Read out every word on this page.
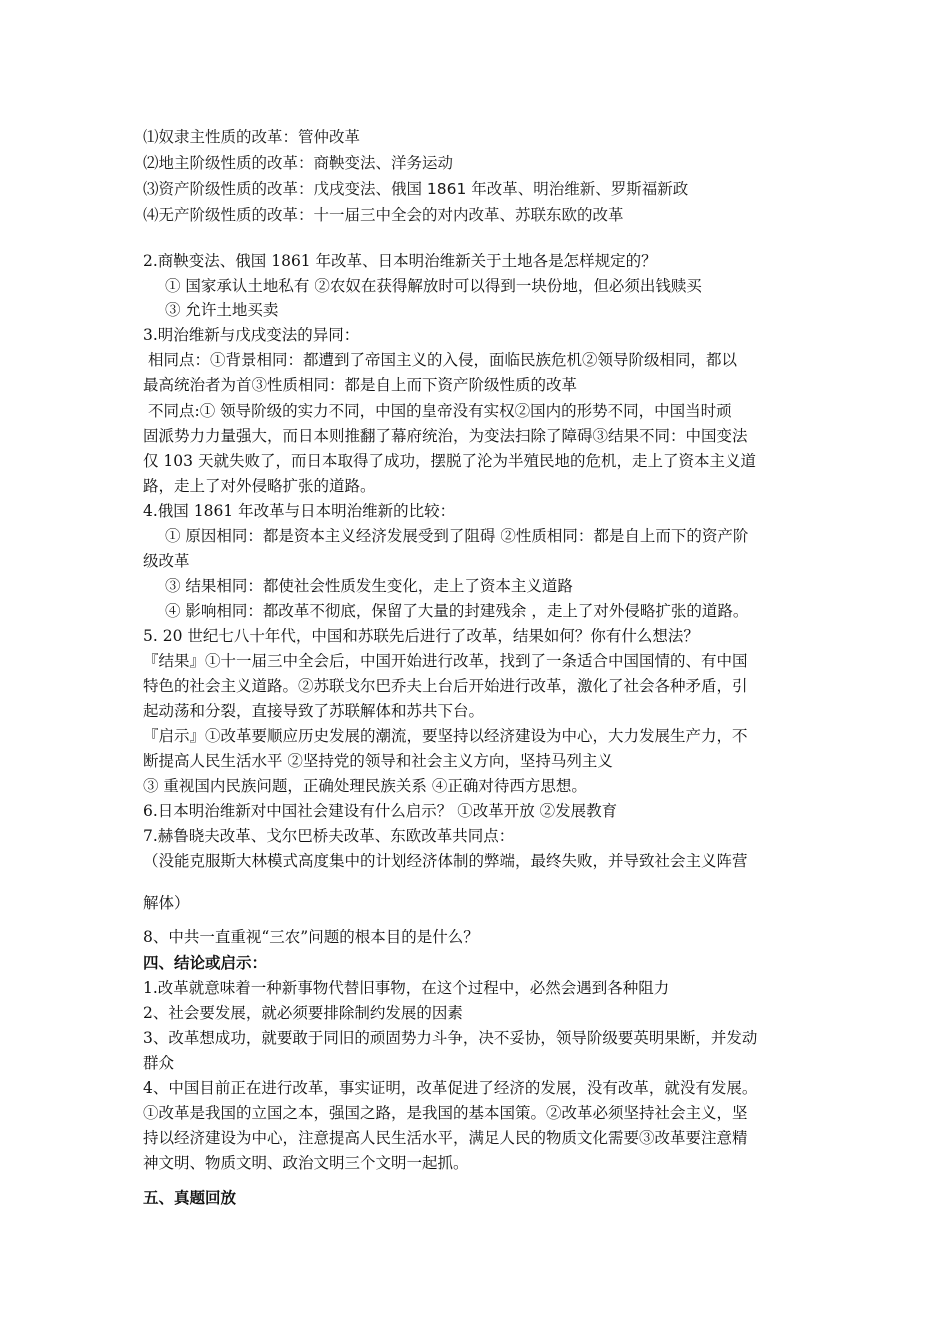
⑴奴隶主性质的改革：管仲改革
⑵地主阶级性质的改革：商鞅变法、洋务运动
⑶资产阶级性质的改革：戊戌变法、俄国 1861 年改革、明治维新、罗斯福新政
⑷无产阶级性质的改革：十一届三中全会的对内改革、苏联东欧的改革
2.商鞅变法、俄国 1861 年改革、日本明治维新关于土地各是怎样规定的？
① 国家承认土地私有 ②农奴在获得解放时可以得到一块份地，但必须出钱赎买
③ 允许土地买卖
3.明治维新与戊戌变法的异同：
相同点：①背景相同：都遭到了帝国主义的入侵，面临民族危机②领导阶级相同，都以
最高统治者为首③性质相同：都是自上而下资产阶级性质的改革
不同点:① 领导阶级的实力不同，中国的皇帝没有实权②国内的形势不同，中国当时顽
固派势力力量强大，而日本则推翻了幕府统治，为变法扫除了障碍③结果不同：中国变法
仅 103 天就失败了，而日本取得了成功，摆脱了沦为半殖民地的危机，走上了资本主义道
路，走上了对外侵略扩张的道路。
4.俄国 1861 年改革与日本明治维新的比较：
① 原因相同：都是资本主义经济发展受到了阻碍 ②性质相同：都是自上而下的资产阶
级改革
③ 结果相同：都使社会性质发生变化，走上了资本主义道路
④ 影响相同：都改革不彻底，保留了大量的封建残余 ，走上了对外侵略扩张的道路。
5. 20 世纪七八十年代，中国和苏联先后进行了改革，结果如何？你有什么想法？
『结果』①十一届三中全会后，中国开始进行改革，找到了一条适合中国国情的、有中国
特色的社会主义道路。②苏联戈尔巴乔夫上台后开始进行改革，激化了社会各种矛盾，引
起动荡和分裂，直接导致了苏联解体和苏共下台。
『启示』①改革要顺应历史发展的潮流，要坚持以经济建设为中心，大力发展生产力，不
断提高人民生活水平 ②坚持党的领导和社会主义方向，坚持马列主义
③ 重视国内民族问题，正确处理民族关系 ④正确对待西方思想。
6.日本明治维新对中国社会建设有什么启示？ ①改革开放 ②发展教育
7.赫鲁晓夫改革、戈尔巴桥夫改革、东欧改革共同点：
（没能克服斯大林模式高度集中的计划经济体制的弊端，最终失败，并导致社会主义阵营
解体）
8、中共一直重视“三农”问题的根本目的是什么？
四、结论或启示：
1.改革就意味着一种新事物代替旧事物，在这个过程中，必然会遇到各种阻力
2、社会要发展，就必须要排除制约发展的因素
3、改革想成功，就要敢于同旧的顽固势力斗争，决不妥协，领导阶级要英明果断，并发动
群众
4、中国目前正在进行改革，事实证明，改革促进了经济的发展，没有改革，就没有发展。
①改革是我国的立国之本，强国之路，是我国的基本国策。②改革必须坚持社会主义，坚
持以经济建设为中心，注意提高人民生活水平，满足人民的物质文化需要③改革要注意精
神文明、物质文明、政治文明三个文明一起抓。
五、真题回放
